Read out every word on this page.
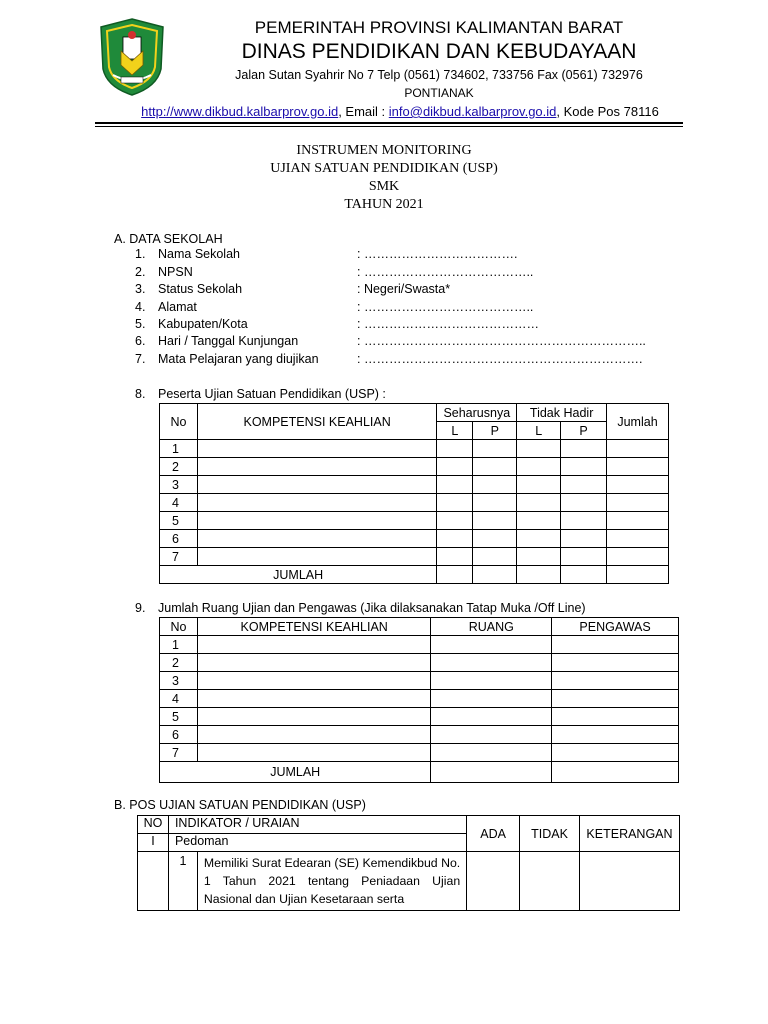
PEMERINTAH PROVINSI KALIMANTAN BARAT
DINAS PENDIDIKAN DAN KEBUDAYAAN
Jalan Sutan Syahrir No 7 Telp (0561) 734602, 733756 Fax (0561) 732976
PONTIANAK
http://www.dikbud.kalbarprov.go.id, Email : info@dikbud.kalbarprov.go.id, Kode Pos 78116
INSTRUMEN MONITORING
UJIAN SATUAN PENDIDIKAN (USP)
SMK
TAHUN 2021
A. DATA SEKOLAH
1. Nama Sekolah	: ……………………………….
2. NPSN	: …………………………………..
3. Status Sekolah	: Negeri/Swasta*
4. Alamat	: …………………………………..
5. Kabupaten/Kota	: ……………………………………
6. Hari / Tanggal Kunjungan	: …………………………………………………………..
7. Mata Pelajaran yang diujikan	: ………………………………………………………….
8. Peserta Ujian Satuan Pendidikan (USP) :
No	KOMPETENSI KEAHLIAN	Seharusnya		Tidak Hadir		Jumlah
		L	P	L	P	
1						
2						
3						
4						
5						
6						
7						
JUMLAH						
9. Jumlah Ruang Ujian dan Pengawas (Jika dilaksanakan Tatap Muka /Off Line)
No	KOMPETENSI KEAHLIAN	RUANG	PENGAWAS
1			
2			
3			
4			
5			
6			
7			
JUMLAH			
B. POS UJIAN SATUAN PENDIDIKAN (USP)
NO	INDIKATOR / URAIAN		ADA	TIDAK	KETERANGAN
I	Pedoman				
	1	Memiliki Surat Edearan (SE) Kemendikbud No. 1 Tahun 2021 tentang Peniadaan Ujian Nasional dan Ujian Kesetaraan serta			
